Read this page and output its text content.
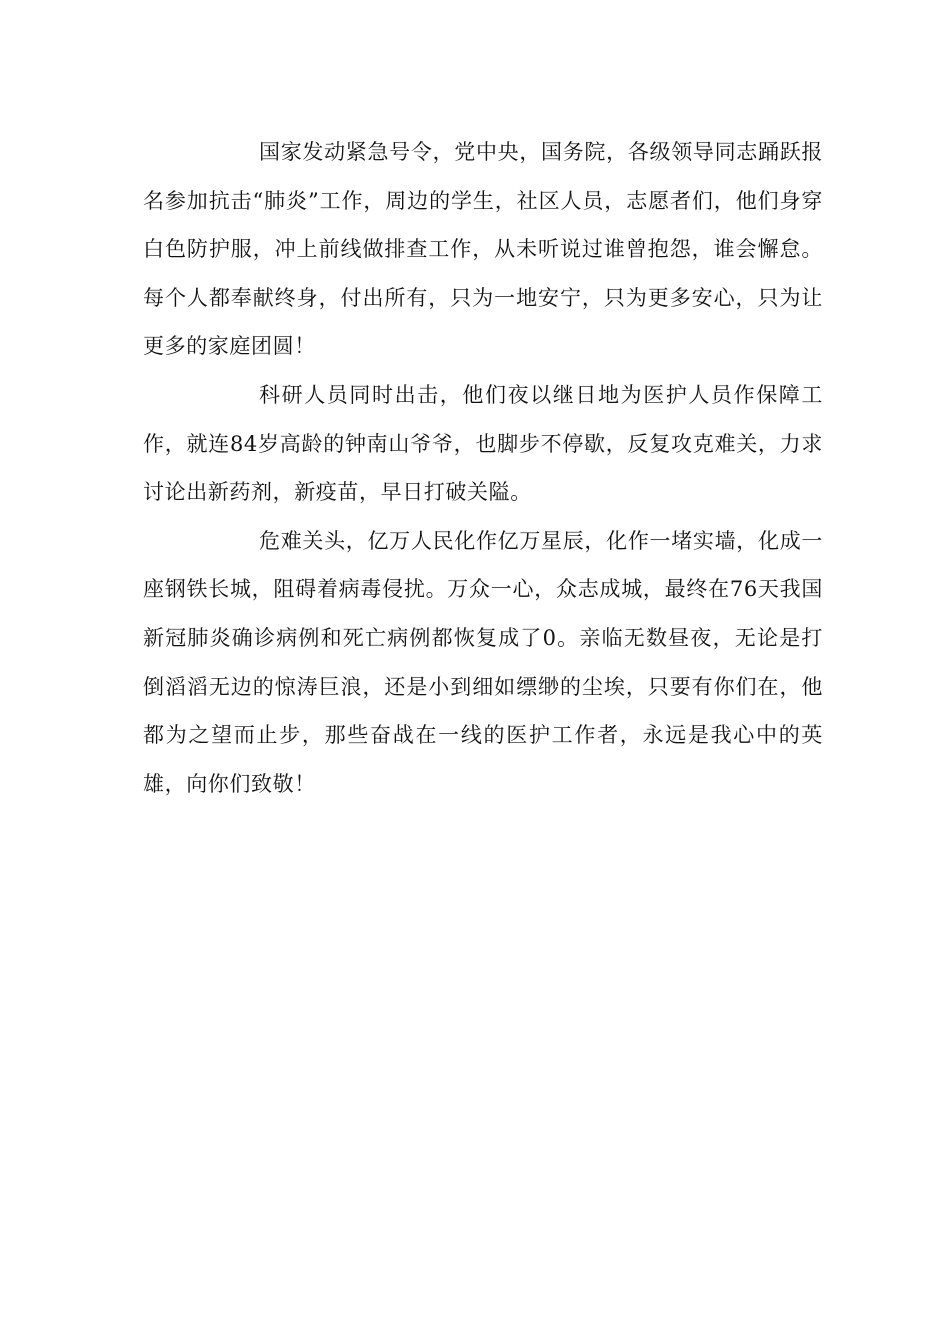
国家发动紧急号令，党中央，国务院，各级领导同志踊跃报名参加抗击“肺炎”工作，周边的学生，社区人员，志愿者们，他们身穿白色防护服，冲上前线做排查工作，从未听说过谁曾抱怨，谁会懈怠。每个人都奉献终身，付出所有，只为一地安宁，只为更多安心，只为让更多的家庭团圆！

科研人员同时出击，他们夜以继日地为医护人员作保障工作，就连84岁高龄的钟南山爷爷，也脚步不停歇，反复攻克难关，力求讨论出新药剂，新疫苗，早日打破关隘。

危难关头，亿万人民化作亿万星辰，化作一堵实墙，化成一座钢铁长城，阻碍着病毒侵扰。万众一心，众志成城，最终在76天我国新冠肺炎确诊病例和死亡病例都恢复成了0。亲临无数昼夜，无论是打倒滔滔无边的惊涛巨浪，还是小到细如缥缈的尘埃，只要有你们在，他都为之望而止步，那些奋战在一线的医护工作者，永远是我心中的英雄，向你们致敬！
